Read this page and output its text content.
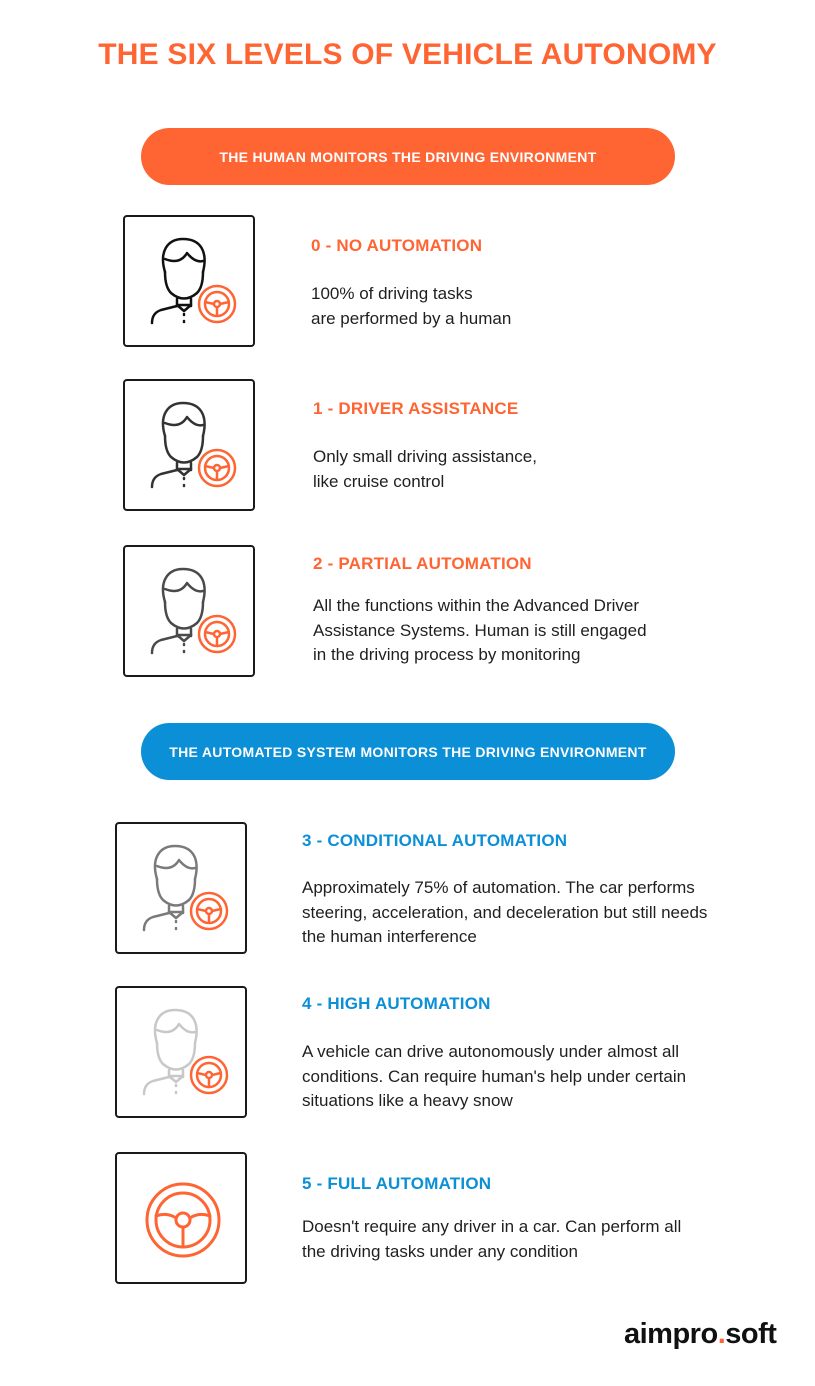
THE SIX LEVELS OF VEHICLE AUTONOMY
THE HUMAN MONITORS THE DRIVING ENVIRONMENT
0 - NO AUTOMATION
100% of driving tasks
are performed by a human
1 - DRIVER ASSISTANCE
Only small driving assistance,
like cruise control
2 - PARTIAL AUTOMATION
All the functions within the Advanced Driver
Assistance Systems. Human is still engaged
in the driving process by monitoring
THE AUTOMATED SYSTEM MONITORS THE DRIVING ENVIRONMENT
3 - CONDITIONAL AUTOMATION
Approximately 75% of automation. The car performs
steering, acceleration, and deceleration but still needs
the human interference
4 - HIGH AUTOMATION
A vehicle can drive autonomously under almost all
conditions. Can require human's help under certain
situations like a heavy snow
5 - FULL AUTOMATION
Doesn't require any driver in a car. Can perform all
the driving tasks under any condition
aimpro.soft
